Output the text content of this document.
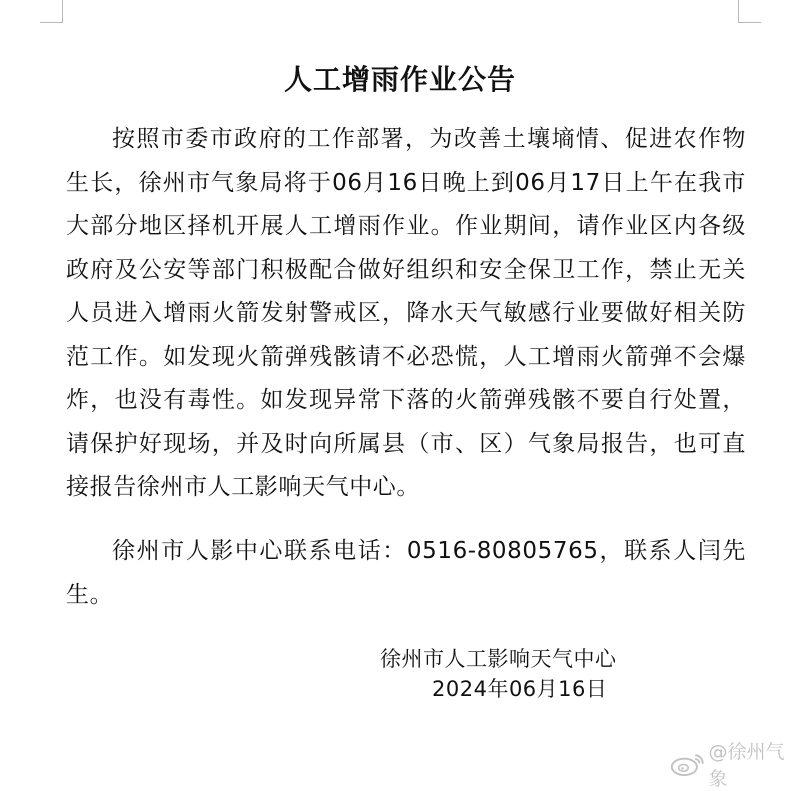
人工增雨作业公告

按照市委市政府的工作部署，为改善土壤墒情、促进农作物生长，徐州市气象局将于06月16日晚上到06月17日上午在我市大部分地区择机开展人工增雨作业。作业期间，请作业区内各级政府及公安等部门积极配合做好组织和安全保卫工作，禁止无关人员进入增雨火箭发射警戒区，降水天气敏感行业要做好相关防范工作。如发现火箭弹残骸请不必恐慌，人工增雨火箭弹不会爆炸，也没有毒性。如发现异常下落的火箭弹残骸不要自行处置，请保护好现场，并及时向所属县（市、区）气象局报告，也可直接报告徐州市人工影响天气中心。

徐州市人影中心联系电话：0516-80805765，联系人闫先生。

徐州市人工影响天气中心
2024年06月16日
@徐州气象
